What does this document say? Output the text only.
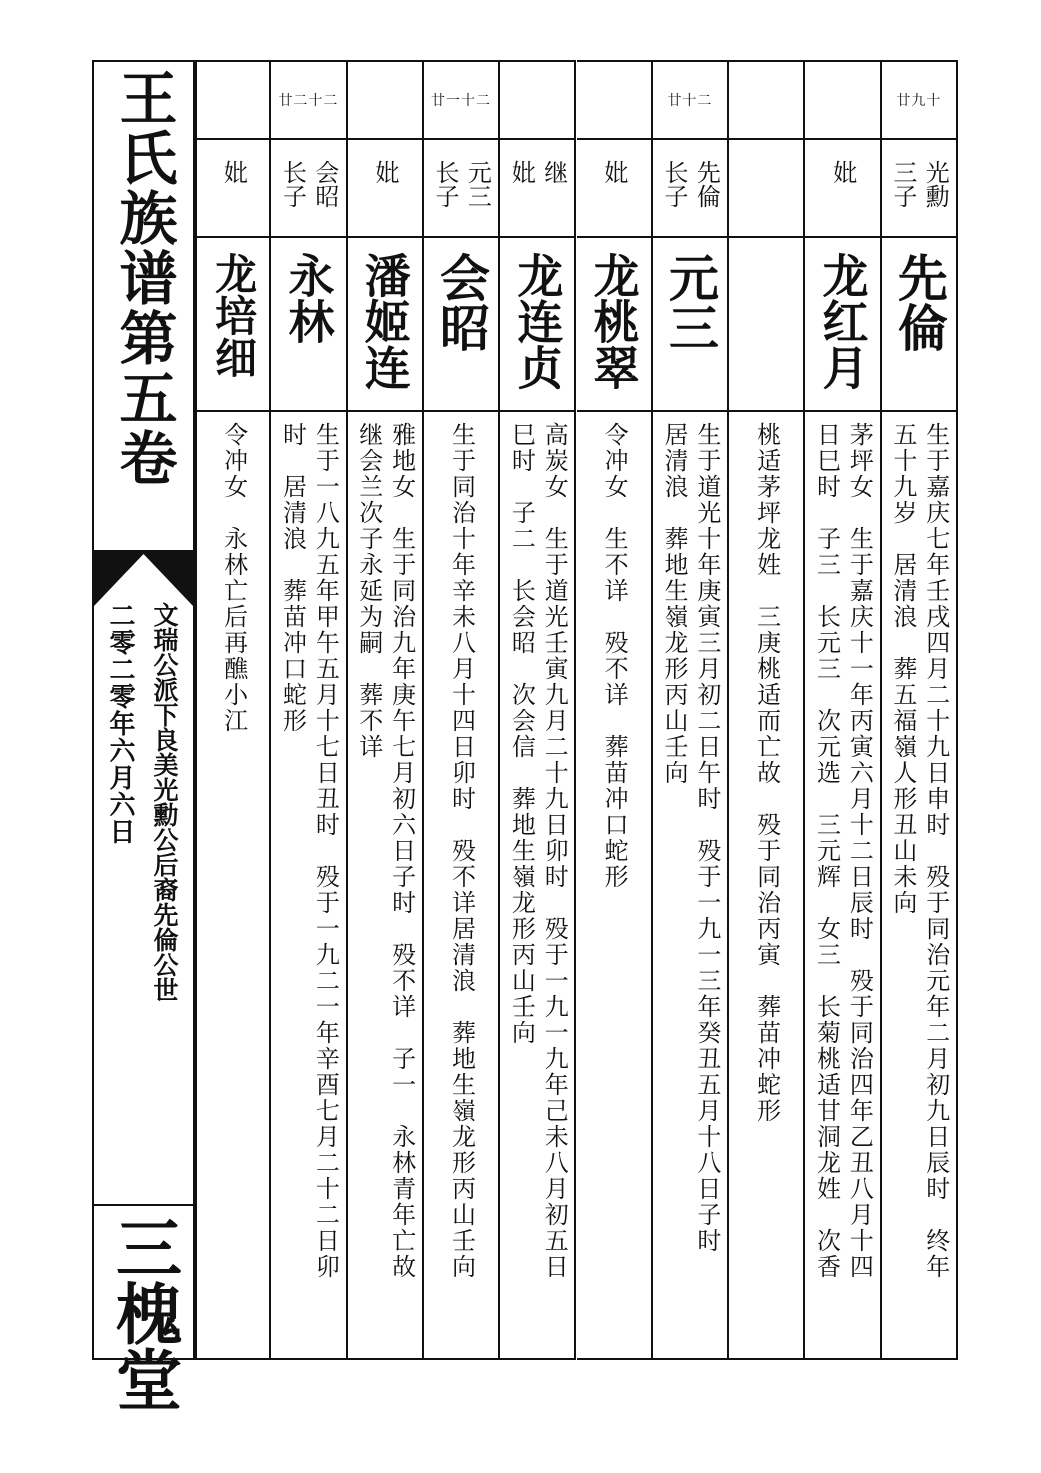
王氏族谱第五卷
文瑞公派下良美光勳公后裔先倫公世
二零二零年六月六日
三槐堂
廿九十
光勳
三子
先倫
生于嘉庆七年壬戌四月二十九日申时　殁于同治元年二月初九日辰时　终年
五十九岁　居清浪　葬五福嶺人形丑山未向
妣
龙红月
茅坪女　生于嘉庆十一年丙寅六月十二日辰时　殁于同治四年乙丑八月十四
日巳时　子三　长元三　次元选　三元辉　女三　长菊桃适甘洞龙姓　次香
桃适茅坪龙姓　三庚桃适而亡故　殁于同治丙寅　葬苗冲蛇形
廿十二
先倫
长子
元三
生于道光十年庚寅三月初二日午时　殁于一九一三年癸丑五月十八日子时
居清浪　葬地生嶺龙形丙山壬向
妣
龙桃翠
令冲女　生不详　殁不详　葬苗冲口蛇形
继
妣
龙连贞
高炭女　生于道光壬寅九月二十九日卯时　殁于一九一九年己未八月初五日
巳时　子二　长会昭　次会信　葬地生嶺龙形丙山壬向
廿一十二
元三
长子
会昭
生于同治十年辛未八月十四日卯时　殁不详居清浪　葬地生嶺龙形丙山壬向
妣
潘姬连
雅地女　生于同治九年庚午七月初六日子时　殁不详　子一　永林青年亡故
继会兰次子永延为嗣　葬不详
廿二十二
会昭
长子
永林
生于一八九五年甲午五月十七日丑时　殁于一九二一年辛酉七月二十二日卯
时　居清浪　葬苗冲口蛇形
妣
龙培细
令冲女　永林亡后再醮小江
